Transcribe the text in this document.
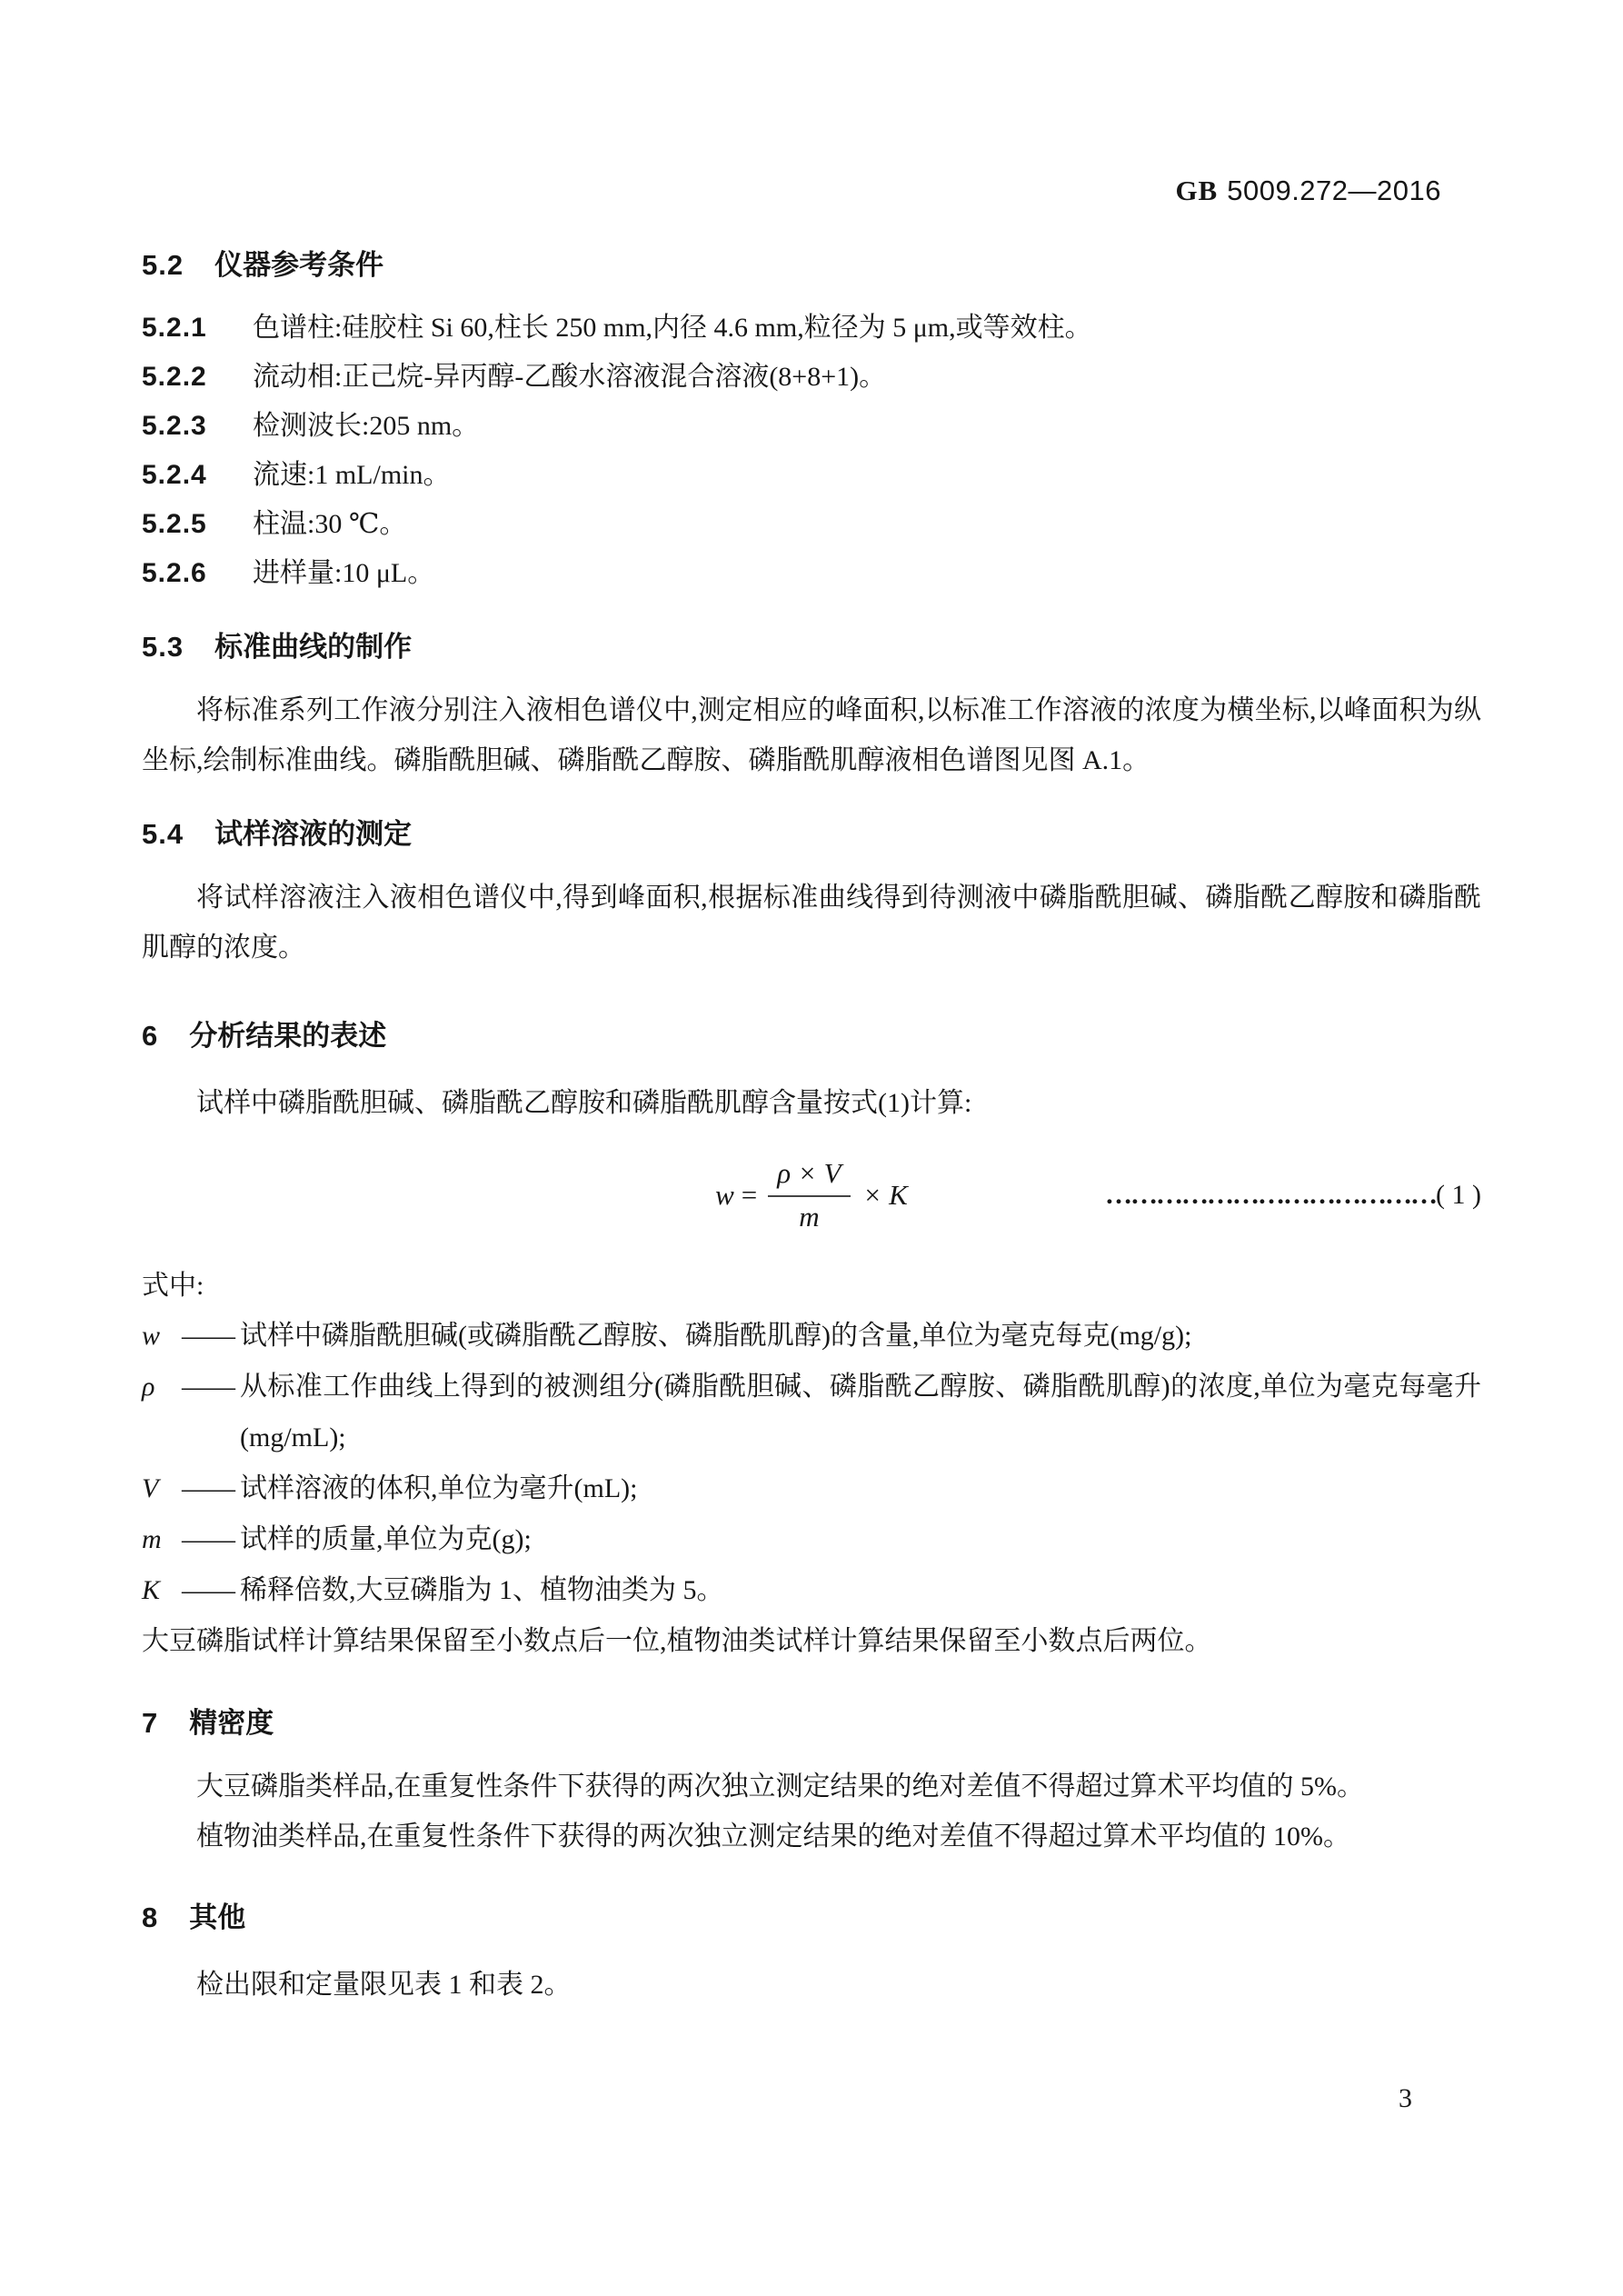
GB 5009.272—2016
5.2 仪器参考条件
5.2.1 色谱柱:硅胶柱 Si 60,柱长 250 mm,内径 4.6 mm,粒径为 5 μm,或等效柱。
5.2.2 流动相:正己烷-异丙醇-乙酸水溶液混合溶液(8+8+1)。
5.2.3 检测波长:205 nm。
5.2.4 流速:1 mL/min。
5.2.5 柱温:30 ℃。
5.2.6 进样量:10 μL。
5.3 标准曲线的制作

将标准系列工作液分别注入液相色谱仪中,测定相应的峰面积,以标准工作溶液的浓度为横坐标,以峰面积为纵坐标,绘制标准曲线。磷脂酰胆碱、磷脂酰乙醇胺、磷脂酰肌醇液相色谱图见图 A.1。

5.4 试样溶液的测定

将试样溶液注入液相色谱仪中,得到峰面积,根据标准曲线得到待测液中磷脂酰胆碱、磷脂酰乙醇胺和磷脂酰肌醇的浓度。

6 分析结果的表述

试样中磷脂酰胆碱、磷脂酰乙醇胺和磷脂酰肌醇含量按式(1)计算:

$w = \frac{\rho \times V}{m} \times K$	…………………………………( 1 )

式中:

w —— 试样中磷脂酰胆碱(或磷脂酰乙醇胺、磷脂酰肌醇)的含量,单位为毫克每克(mg/g);
ρ —— 从标准工作曲线上得到的被测组分(磷脂酰胆碱、磷脂酰乙醇胺、磷脂酰肌醇)的浓度,单位为毫克每毫升(mg/mL);
V —— 试样溶液的体积,单位为毫升(mL);
m —— 试样的质量,单位为克(g);
K —— 稀释倍数,大豆磷脂为 1、植物油类为 5。

大豆磷脂试样计算结果保留至小数点后一位,植物油类试样计算结果保留至小数点后两位。

7 精密度

大豆磷脂类样品,在重复性条件下获得的两次独立测定结果的绝对差值不得超过算术平均值的 5%。

植物油类样品,在重复性条件下获得的两次独立测定结果的绝对差值不得超过算术平均值的 10%。

8 其他

检出限和定量限见表 1 和表 2。

3
